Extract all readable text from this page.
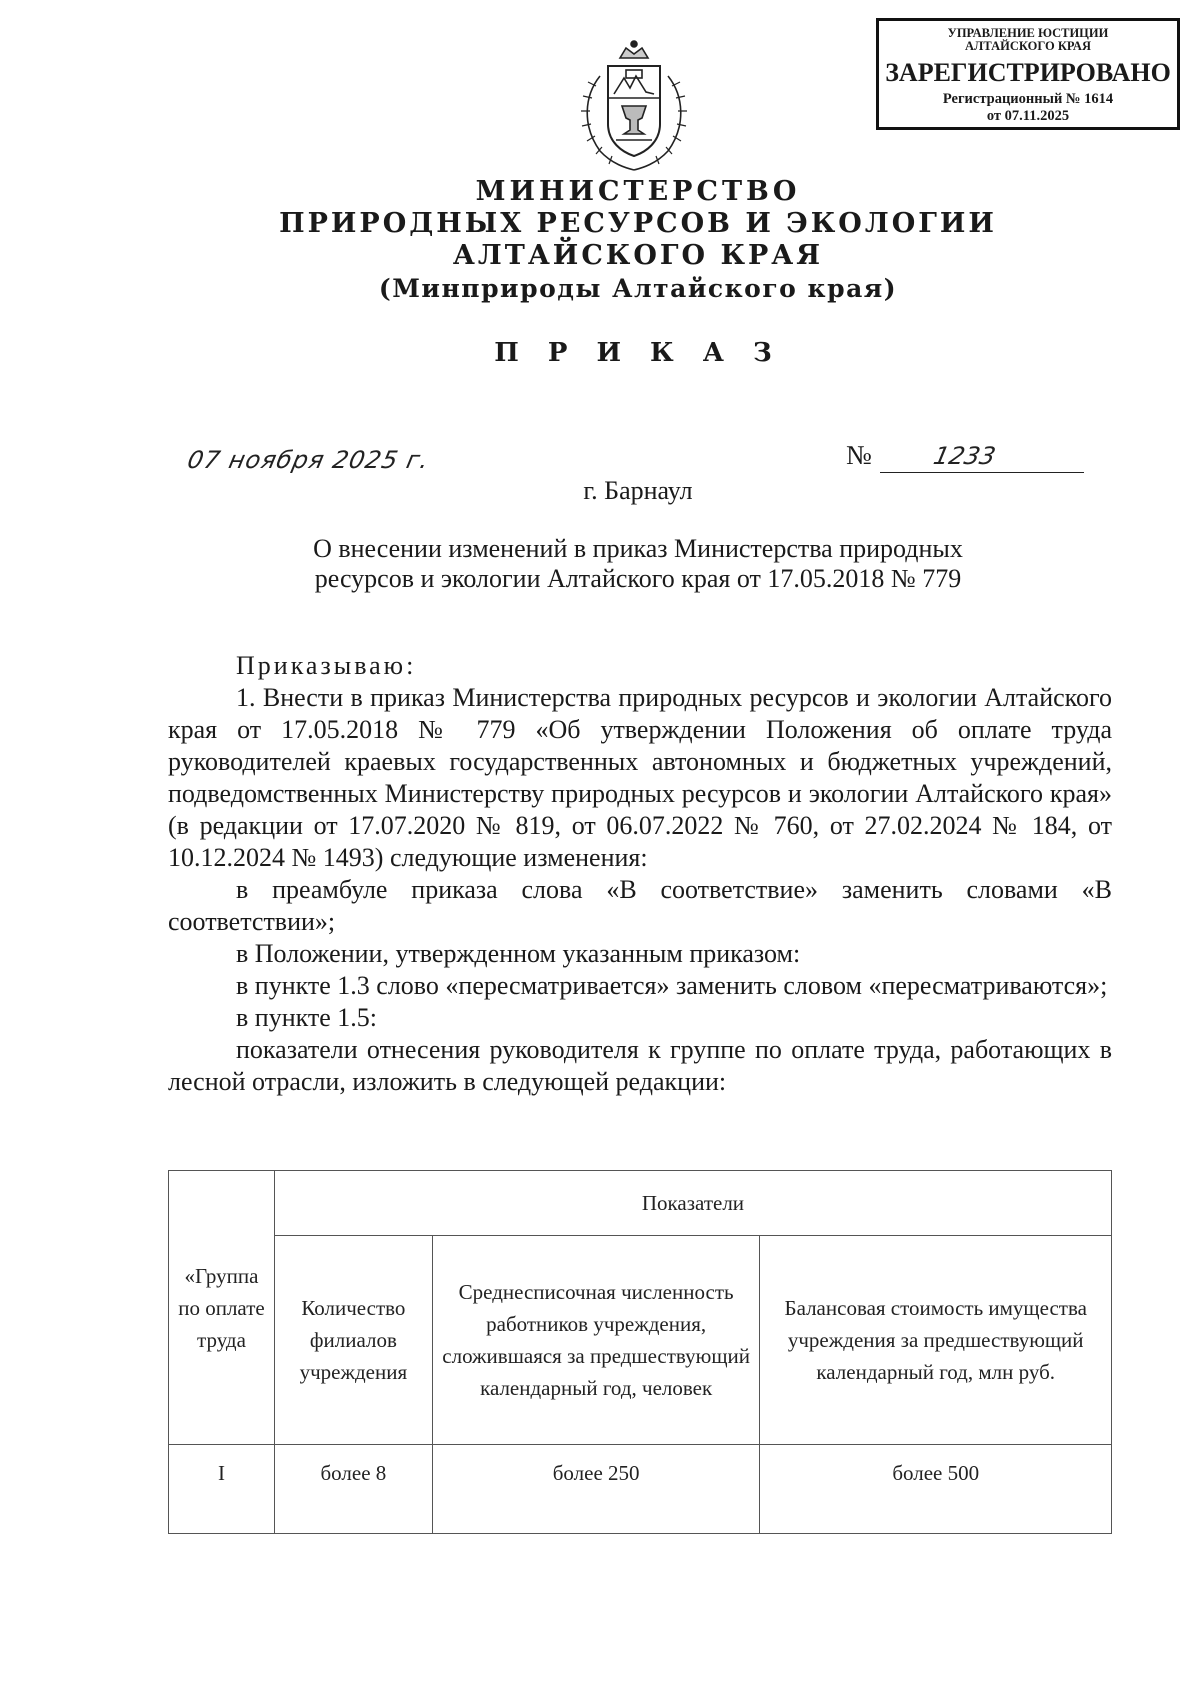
УПРАВЛЕНИЕ ЮСТИЦИИ
АЛТАЙСКОГО КРАЯ
ЗАРЕГИСТРИРОВАНО
Регистрационный № 1614
от 07.11.2025
МИНИСТЕРСТВО
ПРИРОДНЫХ РЕСУРСОВ И ЭКОЛОГИИ
АЛТАЙСКОГО КРАЯ
(Минприроды Алтайского края)
П Р И К А З
07 ноября 2025 г.	№ 1233
г. Барнаул
О внесении изменений в приказ Министерства природных
ресурсов и экологии Алтайского края от 17.05.2018 № 779

Приказываю:

1. Внести в приказ Министерства природных ресурсов и экологии Алтайского края от 17.05.2018 № 779 «Об утверждении Положения об оплате труда руководителей краевых государственных автономных и бюджетных учреждений, подведомственных Министерству природных ресурсов и экологии Алтайского края» (в редакции от 17.07.2020 № 819, от 06.07.2022 № 760, от 27.02.2024 № 184, от 10.12.2024 № 1493) следующие изменения:

в преамбуле приказа слова «В соответствие» заменить словами «В соответствии»;

в Положении, утвержденном указанным приказом:

в пункте 1.3 слово «пересматривается» заменить словом «пересматриваются»;

в пункте 1.5:

показатели отнесения руководителя к группе по оплате труда, работающих в лесной отрасли, изложить в следующей редакции:

«Группа по оплате труда	Показатели		
	Количество филиалов учреждения	Среднесписочная численность работников учреждения, сложившаяся за предшествующий календарный год, человек	Балансовая стоимость имущества учреждения за предшествующий календарный год, млн руб.
I	более 8	более 250	более 500
